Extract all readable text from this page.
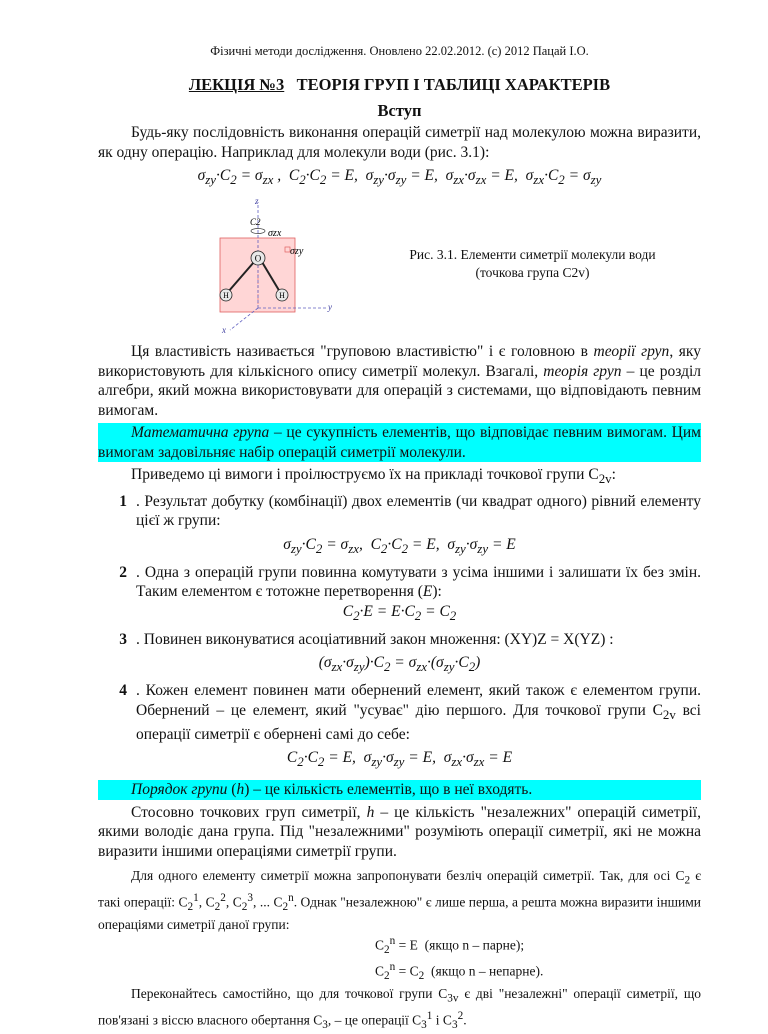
Фізичні методи дослідження. Оновлено 22.02.2012. (c) 2012 Пацай І.О.
ЛЕКЦІЯ №3 ТЕОРІЯ ГРУП І ТАБЛИЦІ ХАРАКТЕРІВ
Вступ

Будь-яку послідовність виконання операцій симетрії над молекулою можна виразити, як одну операцію. Наприклад для молекули води (рис. 3.1):

$\sigma_{zy}\cdot C_2 = \sigma_{zx}$ ,  $C_2\cdot C_2 = E$,  $\sigma_{zy}\cdot\sigma_{zy} = E$,  $\sigma_{zx}\cdot\sigma_{zx} = E$,  $\sigma_{zx}\cdot C_2 = \sigma_{zy}$
z
y
x
C2
σzx
σzy
O
H	H
Рис. 3.1. Елементи симетрії молекули води
(точкова група C2v)

Ця властивість називається "груповою властивістю" і є головною в теорії груп, яку використовують для кількісного опису симетрії молекул. Взагалі, теорія груп – це розділ алгебри, який можна використовувати для операцій з системами, що відповідають певним вимогам.

Математична група – це сукупність елементів, що відповідає певним вимогам. Цим вимогам задовільняє набір операцій симетрії молекули.

Приведемо ці вимоги і проілюструємо їх на прикладі точкової групи $C_{2v}$:

1 . Результат добутку (комбінації) двох елементів (чи квадрат одного) рівний елементу цієї ж групи:

$\sigma_{zy}\cdot C_2 = \sigma_{zx}$,  $C_2\cdot C_2 = E$,  $\sigma_{zy}\cdot\sigma_{zy} = E$

2 . Одна з операцій групи повинна комутувати з усіма іншими і залишати їх без змін. Таким елементом є тотожне перетворення (E):

$C_2\cdot E = E\cdot C_2 = C_2$

3 . Повинен виконуватися асоціативний закон множення: (XY)Z = X(YZ) :

$(\sigma_{zx}\cdot\sigma_{zy})\cdot C_2 = \sigma_{zx}\cdot(\sigma_{zy}\cdot C_2)$

4 . Кожен елемент повинен мати обернений елемент, який також є елементом групи. Обернений – це елемент, який "усуває" дію першого. Для точкової групи $C_{2v}$ всі операції симетрії є обернені самі до себе:

$C_2\cdot C_2 = E$,  $\sigma_{zy}\cdot\sigma_{zy} = E$,  $\sigma_{zx}\cdot\sigma_{zx} = E$

Порядок групи (h) – це кількість елементів, що в неї входять.

Стосовно точкових груп симетрії, h – це кількість "незалежних" операцій симетрії, якими володіє дана група. Під "незалежними" розуміють операції симетрії, які не можна виразити іншими операціями симетрії групи.

Для одного елементу симетрії можна запропонувати безліч операцій симетрії. Так, для осі $C_2$ є такі операції: $C_2^1$, $C_2^2$, $C_2^3$, ... $C_2^n$. Однак "незалежною" є лише перша, а решта можна виразити іншими операціями симетрії даної групи:

$C_2^n = E$  (якщо n – парне);
$C_2^n = C_2$ (якщо n – непарне).

Переконайтесь самостійно, що для точкової групи $C_{3v}$ є дві "незалежні" операції симетрії, що пов'язані з віссю власного обертання $C_3$, – це операції $C_3^1$ і $C_3^2$.
